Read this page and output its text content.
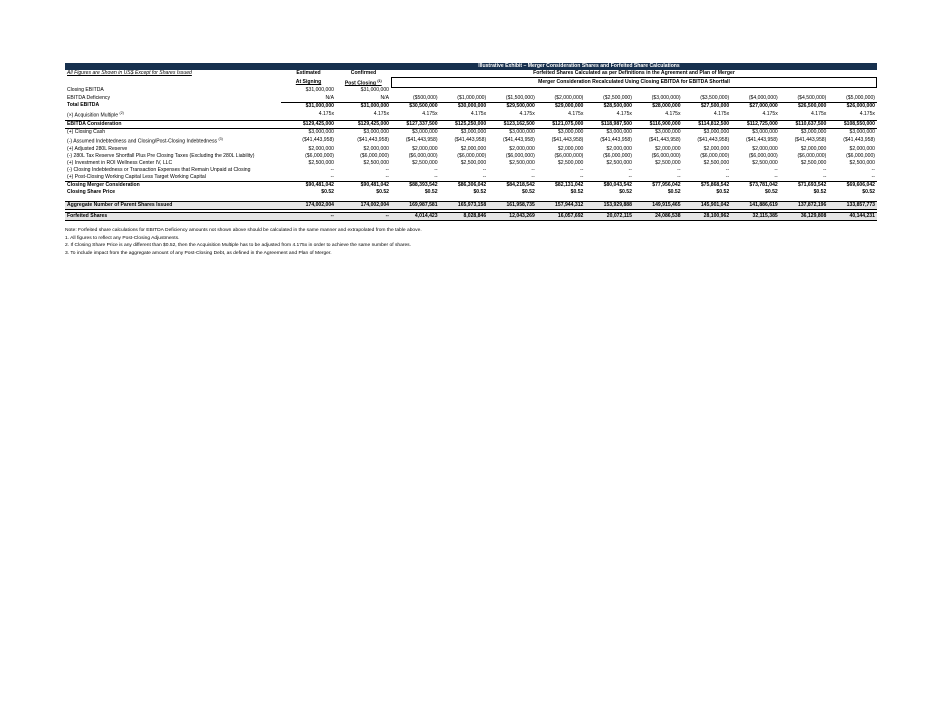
	Illustrative Exhibit – Merger Consideration Shares and Forfeited Share Calculations											
All Figures are Shown in US$ Except for Shares Issued	Estimated	Confirmed	Forfeited Shares Calculated as per Definitions in the Agreement and Plan of Merger									
	At Signing	Post Closing $^{(1)}$	Merger Consideration Recalculated Using Closing EBITDA for EBITDA Shortfall									
Closing EBITDA	$31,000,000	$31,000,000										
EBITDA Deficiency	N/A	N/A	($500,000)	($1,000,000)	($1,500,000)	($2,000,000)	($2,500,000)	($3,000,000)	($3,500,000)	($4,000,000)	($4,500,000)	($5,000,000)
Total EBITDA	$31,000,000	$31,000,000	$30,500,000	$30,000,000	$29,500,000	$29,000,000	$28,500,000	$28,000,000	$27,500,000	$27,000,000	$26,500,000	$26,000,000
(×) Acquisition Multiple $^{(2)}$	4.175x	4.175x	4.175x	4.175x	4.175x	4.175x	4.175x	4.175x	4.175x	4.175x	4.175x	4.175x
EBITDA Consideration	$129,425,000	$129,425,000	$127,337,500	$125,250,000	$123,162,500	$121,075,000	$118,987,500	$116,900,000	$114,812,500	$112,725,000	$110,637,500	$108,550,000
(+) Closing Cash	$3,000,000	$3,000,000	$3,000,000	$3,000,000	$3,000,000	$3,000,000	$3,000,000	$3,000,000	$3,000,000	$3,000,000	$3,000,000	$3,000,000
(-) Assumed Indebtedness and Closing/Post-Closing Indebtedness $^{(3)}$	($41,443,958)	($41,443,958)	($41,443,958)	($41,443,958)	($41,443,958)	($41,443,958)	($41,443,958)	($41,443,958)	($41,443,958)	($41,443,958)	($41,443,958)	($41,443,958)
(+) Adjusted 280L Reserve	$2,000,000	$2,000,000	$2,000,000	$2,000,000	$2,000,000	$2,000,000	$2,000,000	$2,000,000	$2,000,000	$2,000,000	$2,000,000	$2,000,000
(-) 280L Tax Reserve Shortfall Plus Pre Closing Taxes (Excluding the 280L Liability)	($6,000,000)	($6,000,000)	($6,000,000)	($6,000,000)	($6,000,000)	($6,000,000)	($6,000,000)	($6,000,000)	($6,000,000)	($6,000,000)	($6,000,000)	($6,000,000)
(+) Investment in ROI Wellness Center IV, LLC	$2,500,000	$2,500,000	$2,500,000	$2,500,000	$2,500,000	$2,500,000	$2,500,000	$2,500,000	$2,500,000	$2,500,000	$2,500,000	$2,500,000
(-) Closing Indebtedness or Transaction Expenses that Remain Unpaid at Closing	--	--	--	--	--	--	--	--	--	--	--	--
(+) Post-Closing Working Capital Less Target Working Capital	--	--	--	--	--	--	--	--	--	--	--	--
Closing Merger Consideration	$90,481,042	$90,481,042	$88,393,542	$86,306,042	$84,218,542	$82,131,042	$80,043,542	$77,956,042	$75,868,542	$73,781,042	$71,693,542	$69,606,042
Closing Share Price	$0.52	$0.52	$0.52	$0.52	$0.52	$0.52	$0.52	$0.52	$0.52	$0.52	$0.52	$0.52

Aggregate Number of Parent Shares Issued	174,002,004	174,002,004	169,987,581	165,973,158	161,958,735	157,944,312	153,929,888	149,915,465	145,901,042	141,886,619	137,872,196	133,857,773

Forfeited Shares	--	--	4,014,423	8,028,846	12,043,269	16,057,692	20,072,115	24,086,538	28,100,962	32,115,385	36,129,808	40,144,231
Note: Forfeited share calculations for EBITDA Deficiency amounts not shown above should be calculated in the same manner and extrapolated from the table above.
1. All figures to reflect any Post-Closing Adjustments.
2. If Closing Share Price is any different than $0.52, then the Acquisition Multiple has to be adjusted from 4.175x in order to achieve the same number of shares.
3. To include impact from the aggregate amount of any Post-Closing Debt, as defined in the Agreement and Plan of Merger.
